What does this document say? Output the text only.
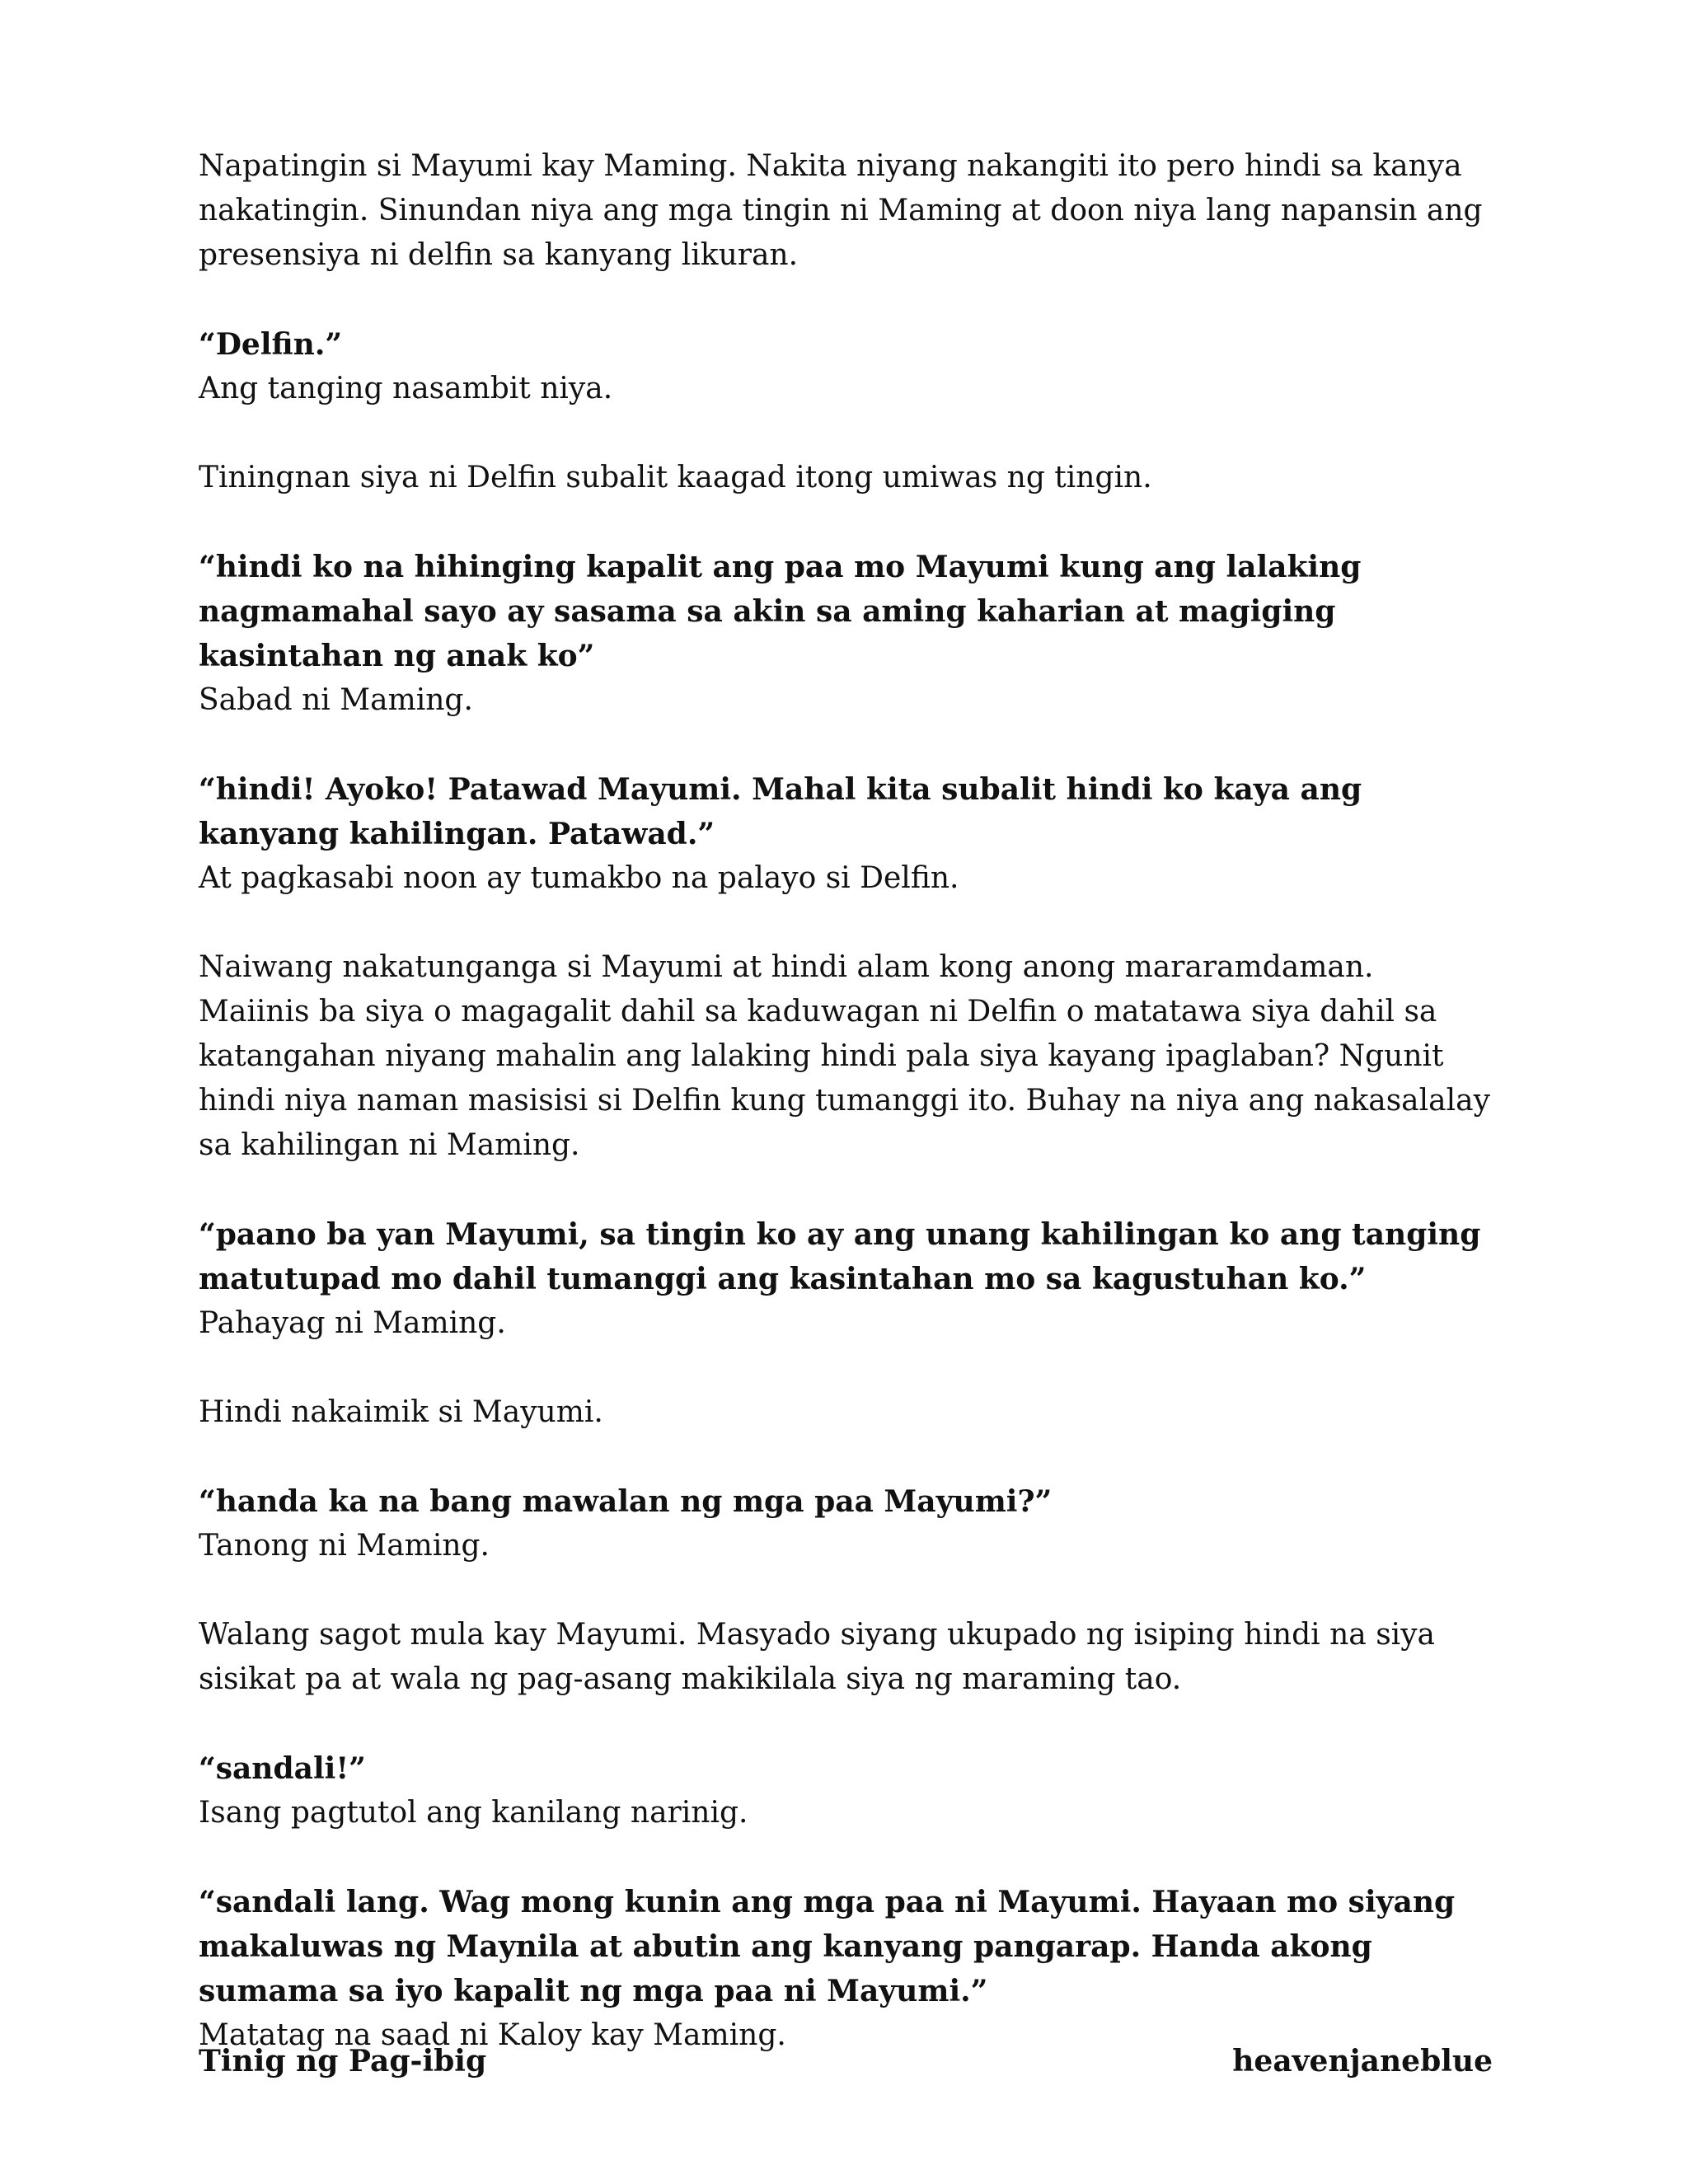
Napatingin si Mayumi kay Maming. Nakita niyang nakangiti ito pero hindi sa kanya nakatingin. Sinundan niya ang mga tingin ni Maming at doon niya lang napansin ang presensiya ni delfin sa kanyang likuran.

“Delfin.”

Ang tanging nasambit niya.

Tiningnan siya ni Delfin subalit kaagad itong umiwas ng tingin.

“hindi ko na hihinging kapalit ang paa mo Mayumi kung ang lalaking nagmamahal sayo ay sasama sa akin sa aming kaharian at magiging kasintahan ng anak ko”

Sabad ni Maming.

“hindi! Ayoko! Patawad Mayumi. Mahal kita subalit hindi ko kaya ang kanyang kahilingan. Patawad.”

At pagkasabi noon ay tumakbo na palayo si Delfin.

Naiwang nakatunganga si Mayumi at hindi alam kong anong mararamdaman. Maiinis ba siya o magagalit dahil sa kaduwagan ni Delfin o matatawa siya dahil sa katangahan niyang mahalin ang lalaking hindi pala siya kayang ipaglaban? Ngunit hindi niya naman masisisi si Delfin kung tumanggi ito. Buhay na niya ang nakasalalay sa kahilingan ni Maming.

“paano ba yan Mayumi, sa tingin ko ay ang unang kahilingan ko ang tanging matutupad mo dahil tumanggi ang kasintahan mo sa kagustuhan ko.”

Pahayag ni Maming.

Hindi nakaimik si Mayumi.

“handa ka na bang mawalan ng mga paa Mayumi?”

Tanong ni Maming.

Walang sagot mula kay Mayumi. Masyado siyang ukupado ng isiping hindi na siya sisikat pa at wala ng pag-asang makikilala siya ng maraming tao.

“sandali!”

Isang pagtutol ang kanilang narinig.

“sandali lang. Wag mong kunin ang mga paa ni Mayumi. Hayaan mo siyang makaluwas ng Maynila at abutin ang kanyang pangarap. Handa akong sumama sa iyo kapalit ng mga paa ni Mayumi.”

Matatag na saad ni Kaloy kay Maming.

Tinig ng Pag-ibig	heavenjaneblue
